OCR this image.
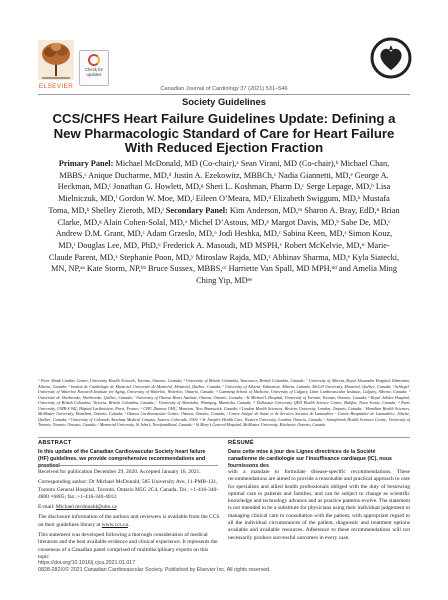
ELSEVIER
Check for updates
Canadian Journal of Cardiology 37 (2021) 531–546
Society Guidelines
CCS/CHFS Heart Failure Guidelines Update: Defining a New Pharmacologic Standard of Care for Heart Failure With Reduced Ejection Fraction
Primary Panel: Michael McDonald, MD (Co-chair),ᵃ Sean Virani, MD (Co-chair),ᵇ Michael Chan, MBBS,ᶜ Anique Ducharme, MD,ᵈ Justin A. Ezekowitz, MBBCh,ᶜ Nadia Giannetti, MD,ᵉ George A. Heckman, MD,ᶠ Jonathan G. Howlett, MD,ᵍ Sheri L. Koshman, Pharm D,ᶜ Serge Lepage, MD,ʰ Lisa Mielniczuk, MD,ⁱ Gordon W. Moe, MD,ʲ Eileen O’Meara, MD,ᵈ Elizabeth Swiggum, MD,ᵏ Mustafa Toma, MD,ᵇ Shelley Zieroth, MD,ˡ Secondary Panel: Kim Anderson, MD,ᵐ Sharon A. Bray, EdD,ⁿ Brian Clarke, MD,ᵍ Alain Cohen-Solal, MD,ᵒ Michel D’Astous, MD,ᵖ Margot Davis, MD,ᵇ Sabe De, MD,ᶜ Andrew D.M. Grant, MD,ᶜ Adam Grzeslo, MD,ᵒ Jodi Heshka, MD,ʳ Sabina Keen, MD,ˢ Simon Kouz, MD,ᵗ Douglas Lee, MD, PhD,ᵘ Frederick A. Masoudi, MD MSPH,ᵛ Robert McKelvie, MD,ʷ Marie-Claude Parent, MD,ˣ Stephanie Poon, MD,ʸ Miroslaw Rajda, MD,ᶻ Abhinav Sharma, MD,ᵉ Kyla Siatecki, MN, NP,ᵃᵃ Kate Storm, NP,ᵇᵇ Bruce Sussex, MBBS,ᶜᶜ Harriette Van Spall, MD MPH,ᵈᵈ and Amelia Ming Ching Yip, MDᵉᵉ
ᵃ Peter Munk Cardiac Centre, University Health Network, Toronto, Ontario, Canada; ᵇ University of British Columbia, Vancouver, British Columbia, Canada; ᶜ University of Alberta, Royal Alexandra Hospital, Edmonton, Alberta, Canada; ᵈ Institut de Cardiologie de Montréal, Université de Montréal, Montréal, Québec, Canada; ᵉ University of Alberta, Edmonton, Alberta, Canada; McGill University, Montréal, Québec, Canada; ᶠ Schlegel-University of Waterloo Research Institute for Aging, University of Waterloo, Waterloo, Ontario, Canada; ᵍ Cumming School of Medicine, University of Calgary, Libin Cardiovascular Institute, Calgary, Alberta, Canada; ʰ Université de Sherbrooke, Sherbrooke, Québec, Canada; ⁱ University of Ottawa Heart Institute, Ottawa, Ontario, Canada; ʲ St Michael’s Hospital, University of Toronto, Toronto, Ontario, Canada; ᵏ Royal Jubilee Hospital, University of British Columbia, Victoria, British Columbia, Canada; ˡ University of Manitoba, Winnipeg, Manitoba, Canada; ᵐ Dalhousie University QEII Health Science Centre, Halifax, Nova Scotia, Canada; ⁿ Paris University, UMR-S 942, Hôpital Lariboisière, Paris, France; ᵒ CHU Dumont UHC, Moncton, New Brunswick, Canada; ᵖ London Health Sciences, Western University, London, Ontario, Canada; ʳ Hamilton Health Sciences, McMaster University, Hamilton, Ontario, Canada; ˢ Ottawa Cardiovascular Centre, Ottawa, Ontario, Canada; ᵗ Centre Intégré de Santé et de Services Sociaux de Lanaudière - Centre Hospitalier de Lanaudière, Joliette, Québec, Canada; ᵘ University of Colorado Anschutz Medical Campus, Aurora, Colorado, USA; ʷ St Joseph’s Health Care, Western University, London, Ontario, Canada; ˣ Sunnybrook Health Sciences Centre, University of Toronto, Toronto, Ontario, Canada; ʸ Memorial University, St John’s, Newfoundland, Canada; ᶻ St Mary’s General Hospital, McMaster University, Kitchener, Ontario, Canada
ABSTRACT
In this update of the Canadian Cardiovascular Society heart failure (HF) guidelines, we provide comprehensive recommendations and practical
RÉSUMÉ
Dans cette mise à jour des Lignes directrices de la Société canadienne de cardiologie sur l’insuffisance cardiaque (IC), nous fournissons des

Received for publication December 29, 2020. Accepted January 16, 2021.

Corresponding author: Dr Michael McDonald, 585 University Ave, 11-PMB-131, Toronto General Hospital, Toronto, Ontario M5G 2C4, Canada. Tel.: +1-416-340-4800 ×6805; fax: +1-416-340-4012.

E-mail: Michael.mcdonald@uhn.ca

The disclosure information of the authors and reviewers is available from the CCS on their guidelines library at www.ccs.ca.

This statement was developed following a thorough consideration of medical literature and the best available evidence and clinical experience. It represents the consensus of a Canadian panel comprised of multidisciplinary experts on this topic

with a mandate to formulate disease-specific recommendations. These recommendations are aimed to provide a reasonable and practical approach to care for specialists and allied health professionals obliged with the duty of bestowing optimal care to patients and families, and can be subject to change as scientific knowledge and technology advance and as practice patterns evolve. The statement is not intended to be a substitute for physicians using their individual judgement in managing clinical care in consultation with the patient, with appropriate regard to all the individual circumstances of the patient, diagnostic and treatment options available and available resources. Adherence to these recommendations will not necessarily produce successful outcomes in every case.
https://doi.org/10.1016/j.cjca.2021.01.017
0828-282X/© 2021 Canadian Cardiovascular Society. Published by Elsevier Inc. All rights reserved.
